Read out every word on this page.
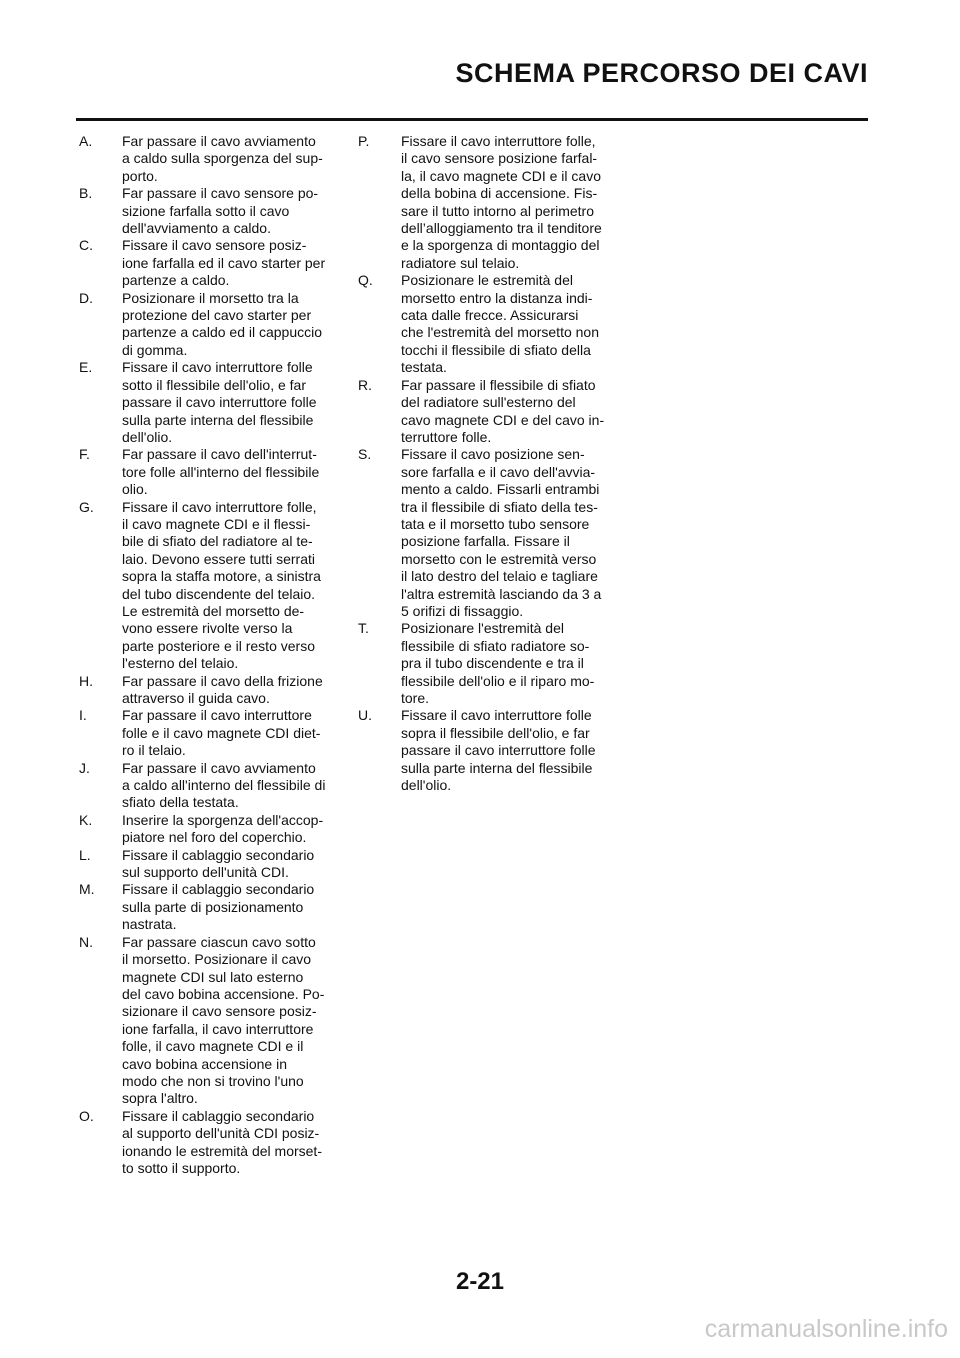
SCHEMA PERCORSO DEI CAVI
A.	Far passare il cavo avviamento
a caldo sulla sporgenza del sup-
porto.
B.	Far passare il cavo sensore po-
sizione farfalla sotto il cavo
dell'avviamento a caldo.
C.	Fissare il cavo sensore posiz-
ione farfalla ed il cavo starter per
partenze a caldo.
D.	Posizionare il morsetto tra la
protezione del cavo starter per
partenze a caldo ed il cappuccio
di gomma.
E.	Fissare il cavo interruttore folle
sotto il flessibile dell'olio, e far
passare il cavo interruttore folle
sulla parte interna del flessibile
dell'olio.
F.	Far passare il cavo dell'interrut-
tore folle all'interno del flessibile
olio.
G.	Fissare il cavo interruttore folle,
il cavo magnete CDI e il flessi-
bile di sfiato del radiatore al te-
laio. Devono essere tutti serrati
sopra la staffa motore, a sinistra
del tubo discendente del telaio.
Le estremità del morsetto de-
vono essere rivolte verso la
parte posteriore e il resto verso
l'esterno del telaio.
H.	Far passare il cavo della frizione
attraverso il guida cavo.
I.	Far passare il cavo interruttore
folle e il cavo magnete CDI diet-
ro il telaio.
J.	Far passare il cavo avviamento
a caldo all'interno del flessibile di
sfiato della testata.
K.	Inserire la sporgenza dell'accop-
piatore nel foro del coperchio.
L.	Fissare il cablaggio secondario
sul supporto dell'unità CDI.
M.	Fissare il cablaggio secondario
sulla parte di posizionamento
nastrata.
N.	Far passare ciascun cavo sotto
il morsetto. Posizionare il cavo
magnete CDI sul lato esterno
del cavo bobina accensione. Po-
sizionare il cavo sensore posiz-
ione farfalla, il cavo interruttore
folle, il cavo magnete CDI e il
cavo bobina accensione in
modo che non si trovino l'uno
sopra l'altro.
O.	Fissare il cablaggio secondario
al supporto dell'unità CDI posiz-
ionando le estremità del morset-
to sotto il supporto.
P.	Fissare il cavo interruttore folle,
il cavo sensore posizione farfal-
la, il cavo magnete CDI e il cavo
della bobina di accensione. Fis-
sare il tutto intorno al perimetro
dell’alloggiamento tra il tenditore
e la sporgenza di montaggio del
radiatore sul telaio.
Q.	Posizionare le estremità del
morsetto entro la distanza indi-
cata dalle frecce. Assicurarsi
che l'estremità del morsetto non
tocchi il flessibile di sfiato della
testata.
R.	Far passare il flessibile di sfiato
del radiatore sull'esterno del
cavo magnete CDI e del cavo in-
terruttore folle.
S.	Fissare il cavo posizione sen-
sore farfalla e il cavo dell'avvia-
mento a caldo. Fissarli entrambi
tra il flessibile di sfiato della tes-
tata e il morsetto tubo sensore
posizione farfalla. Fissare il
morsetto con le estremità verso
il lato destro del telaio e tagliare
l'altra estremità lasciando da 3 a
5 orifizi di fissaggio.
T.	Posizionare l'estremità del
flessibile di sfiato radiatore so-
pra il tubo discendente e tra il
flessibile dell'olio e il riparo mo-
tore.
U.	Fissare il cavo interruttore folle
sopra il flessibile dell'olio, e far
passare il cavo interruttore folle
sulla parte interna del flessibile
dell'olio.
2-21
carmanualsonline.info
